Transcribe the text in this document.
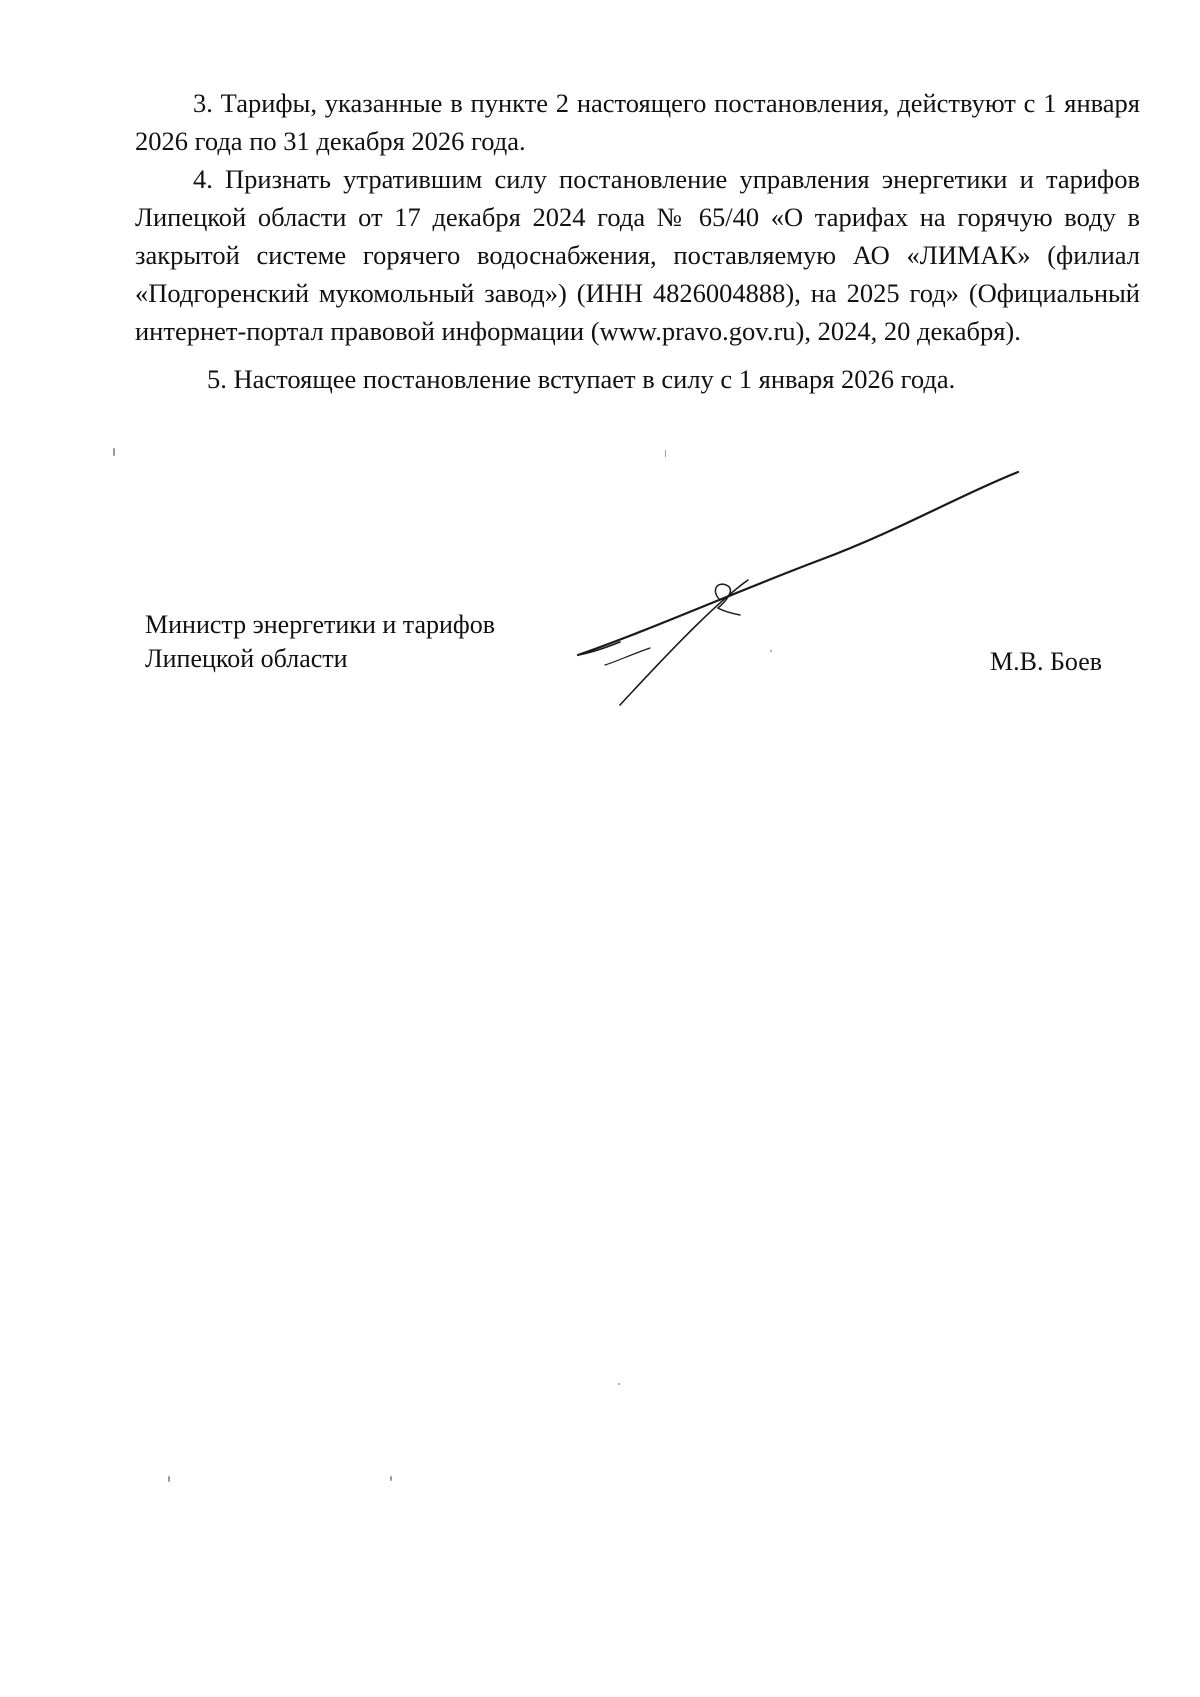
3. Тарифы, указанные в пункте 2 настоящего постановления, действуют с 1 января 2026 года по 31 декабря 2026 года.

4. Признать утратившим силу постановление управления энергетики и тарифов Липецкой области от 17 декабря 2024 года № 65/40 «О тарифах на горячую воду в закрытой системе горячего водоснабжения, поставляемую АО «ЛИМАК» (филиал «Подгоренский мукомольный завод») (ИНН 4826004888), на 2025 год» (Официальный интернет-портал правовой информации (www.pravo.gov.ru), 2024, 20 декабря).

5. Настоящее постановление вступает в силу с 1 января 2026 года.

Министр энергетики и тарифов
Липецкой области	М.В. Боев
